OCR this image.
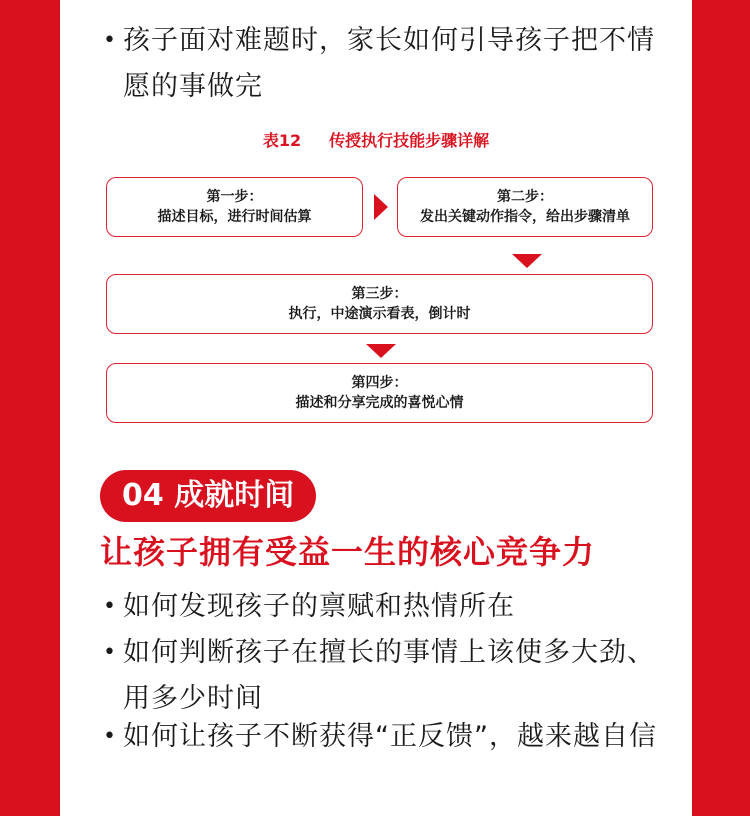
• 孩子面对难题时，家长如何引导孩子把不情愿的事做完
表12 传授执行技能步骤详解
第一步：
描述目标，进行时间估算
第二步：
发出关键动作指令，给出步骤清单
第三步：
执行，中途演示看表，倒计时
第四步：
描述和分享完成的喜悦心情
04 成就时间
让孩子拥有受益一生的核心竞争力
• 如何发现孩子的禀赋和热情所在
• 如何判断孩子在擅长的事情上该使多大劲、用多少时间
• 如何让孩子不断获得“正反馈”，越来越自信
